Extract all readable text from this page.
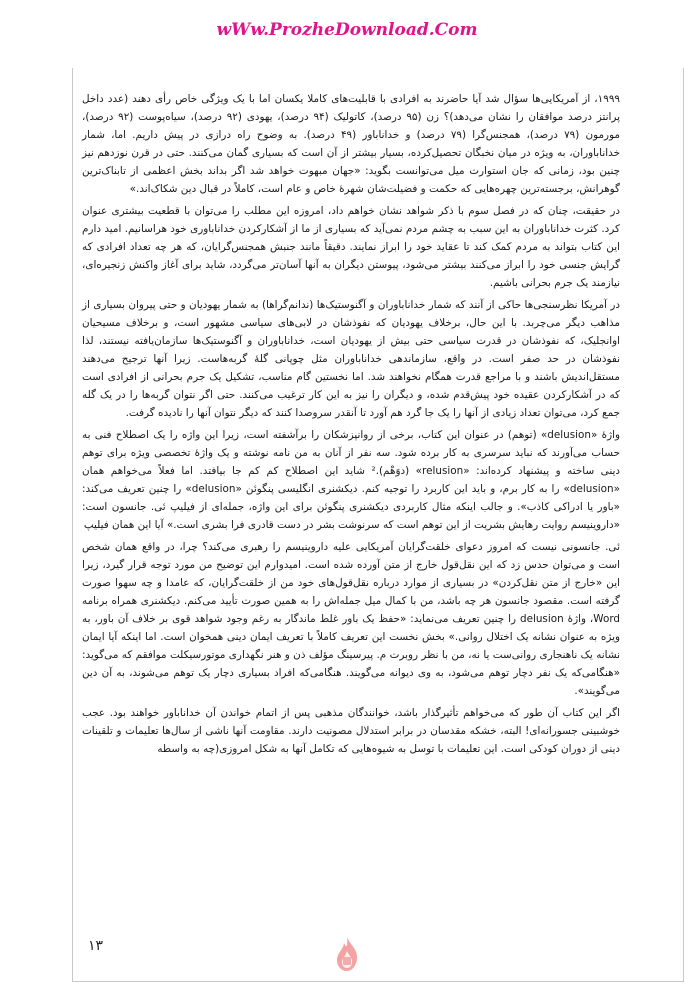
wWw.ProzheDownload.Com

۱۹۹۹، از آمریکایی‌ها سؤال شد آیا حاضرند به افرادی با قابلیت‌های کاملا یکسان اما با یک ویژگی خاص رأی دهند (عدد داخل پرانتز درصد موافقان را نشان می‌دهد)؟ زن (۹۵ درصد)، کاتولیک (۹۴ درصد)، یهودی (۹۲ درصد)، سیاه‌پوست (۹۲ درصد)، مورمون (۷۹ درصد)، همجنس‌گرا (۷۹ درصد) و خداناباور (۴۹ درصد). به وضوح راه درازی در پیش داریم. اما، شمار خداناباوران، به ویژه در میان نخبگان تحصیل‌کرده، بسیار بیشتر از آن است که بسیاری گمان می‌کنند. حتی در قرن نوزدهم نیز چنین بود، زمانی که جان استوارت میل می‌توانست بگوید: «جهان مبهوت خواهد شد اگر بداند بخش اعظمی از تابناک‌ترین گوهرانش، برجسته‌ترین چهره‌هایی که حکمت و فضیلت‌شان شهرهٔ خاص و عام است، کاملاً در قبال دین شکاک‌اند.»

در حقیقت، چنان که در فصل سوم با ذکر شواهد نشان خواهم داد، امروزه این مطلب را می‌توان با قطعیت بیشتری عنوان کرد. کثرت خداناباوران به این سبب به چشم مردم نمی‌آید که بسیاری از ما از آشکارکردن خداناباوری خود هراسانیم. امید دارم این کتاب بتواند به مردم کمک کند تا عقاید خود را ابراز نمایند. دقیقاً مانند جنبش همجنس‌گرایان، که هر چه تعداد افرادی که گرایش جنسی خود را ابراز می‌کنند بیشتر می‌شود، پیوستن دیگران به آنها آسان‌تر می‌گردد، شاید برای آغاز واکنش زنجیره‌ای، نیازمند یک جرم بحرانی باشیم.

در آمریکا نظرسنجی‌ها حاکی از آنند که شمار خداناباوران و آگنوستیک‌ها (ندانم‌گراها) به شمار یهودیان و حتی پیروان بسیاری از مذاهب دیگر می‌چربد. با این حال، برخلاف یهودیان که نفوذشان در لابی‌های سیاسی مشهور است، و برخلاف مسیحیان اوانجلیک، که نفوذشان در قدرت سیاسی حتی بیش از یهودیان است، خداناباوران و آگنوستیک‌ها سازمان‌یافته نیستند، لذا نفوذشان در حد صفر است. در واقع، سازماندهی خداناباوران مثل چوپانی گلهٔ گربه‌هاست. زیرا آنها ترجیح می‌دهند مستقل‌اندیش باشند و با مراجع قدرت همگام نخواهند شد. اما نخستین گام مناسب، تشکیل یک جرم بحرانی از افرادی است که در آشکارکردن عقیده خود پیش‌قدم شده، و دیگران را نیز به این کار ترغیب می‌کنند. حتی اگر نتوان گربه‌ها را در یک گله جمع کرد، می‌توان تعداد زیادی از آنها را یک جا گرد هم آورد تا آنقدر سروصدا کنند که دیگر نتوان آنها را نادیده گرفت.

واژهٔ «delusion» (توهم) در عنوان این کتاب، برخی از روانپزشکان را برآشفته است، زیرا این واژه را یک اصطلاح فنی به حساب می‌آورند که نباید سرسری به کار برده شود. سه نفر از آنان به من نامه نوشته و یک واژهٔ تخصصی ویژه برای توهم دینی ساخته و پیشنهاد کرده‌اند: «relusion» (دوَهْم).² شاید این اصطلاح کم کم جا بیافتد. اما فعلاً می‌خواهم همان «delusion» را به کار برم، و باید این کاربرد را توجیه کنم. دیکشنری انگلیسی پنگوئن «delusion» را چنین تعریف می‌کند: «باور یا ادراکی کاذب». و جالب اینکه مثال کاربردی دیکشنری پنگوئن برای این واژه، جمله‌ای از فیلیپ ئی. جانسون است: «داروینیسم روایت رهایش بشریت از این توهم است که سرنوشت بشر در دست قادری فرا بشری است.» آیا این همان فیلیپ

ئی. جانسونی نیست که امروز دعوای خلقت‌گرایان آمریکایی علیه داروینیسم را رهبری می‌کند؟ چرا، در واقع همان شخص است و می‌توان حدس زد که این نقل‌قول خارج از متن آورده شده است. امیدوارم این توضیح من مورد توجه قرار گیرد، زیرا این «خارج از متن نقل‌کردن» در بسیاری از موارد درباره نقل‌قول‌های خود من از خلقت‌گرایان، که عامدا و چه سهوا صورت گرفته است. مقصود جانسون هر چه باشد، من با کمال میل جمله‌اش را به همین صورت تأیید می‌کنم. دیکشنری همراه برنامه Word، واژهٔ delusion را چنین تعریف می‌نماید: «حفظ یک باور غلط ماندگار به رغم وجود شواهد قوی بر خلاف آن باور، به ویژه به عنوان نشانه یک اختلال روانی.» بخش نخست این تعریف کاملاً با تعریف ایمان دینی همخوان است. اما اینکه آیا ایمان نشانه یک ناهنجاری روانی‌ست یا نه، من با نظر روبرت م. پیرسینگ مؤلف ذن و هنر نگهداری موتورسیکلت موافقم که می‌گوید: «هنگامی‌که یک نفر دچار توهم می‌شود، به وی دیوانه می‌گویند. هنگامی‌که افراد بسیاری دچار یک توهم می‌شوند، به آن دین می‌گویند».

اگر این کتاب آن طور که می‌خواهم تأثیرگذار باشد، خوانندگان مذهبی پس از اتمام خواندن آن خداناباور خواهند بود. عجب خوشبینی جسورانه‌ای! البته، خشکه مقدسان در برابر استدلال مصونیت دارند. مقاومت آنها ناشی از سال‌ها تعلیمات و تلقینات دینی از دوران کودکی است. این تعلیمات با توسل به شیوه‌هایی که تکامل آنها به شکل امروزی(چه به واسطه

۱۳
